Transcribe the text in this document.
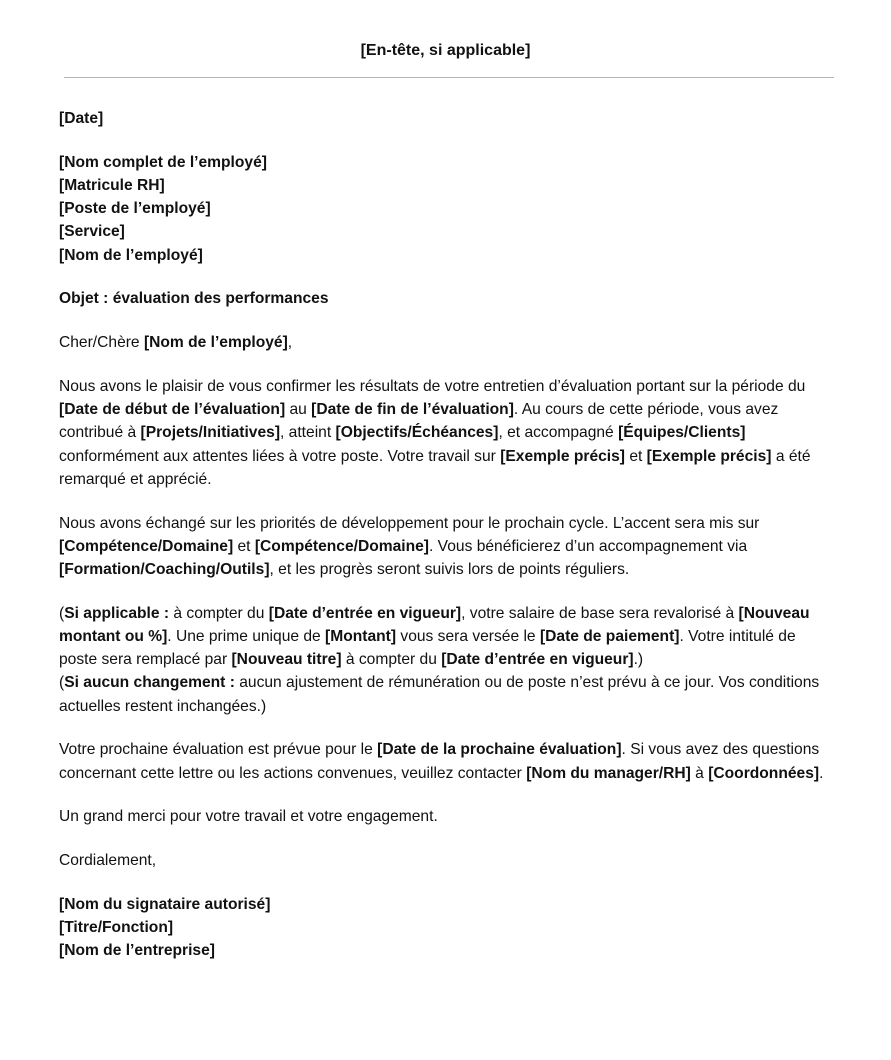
[En-tête, si applicable]

[Date]

[Nom complet de l’employé]
[Matricule RH]
[Poste de l’employé]
[Service]
[Nom de l’employé]

Objet : évaluation des performances

Cher/Chère [Nom de l’employé],

Nous avons le plaisir de vous confirmer les résultats de votre entretien d’évaluation portant sur la période du [Date de début de l’évaluation] au [Date de fin de l’évaluation]. Au cours de cette période, vous avez contribué à [Projets/Initiatives], atteint [Objectifs/Échéances], et accompagné [Équipes/Clients] conformément aux attentes liées à votre poste. Votre travail sur [Exemple précis] et [Exemple précis] a été remarqué et apprécié.

Nous avons échangé sur les priorités de développement pour le prochain cycle. L’accent sera mis sur [Compétence/Domaine] et [Compétence/Domaine]. Vous bénéficierez d’un accompagnement via [Formation/Coaching/Outils], et les progrès seront suivis lors de points réguliers.

(Si applicable : à compter du [Date d’entrée en vigueur], votre salaire de base sera revalorisé à [Nouveau montant ou %]. Une prime unique de [Montant] vous sera versée le [Date de paiement]. Votre intitulé de poste sera remplacé par [Nouveau titre] à compter du [Date d’entrée en vigueur].)

(Si aucun changement : aucun ajustement de rémunération ou de poste n’est prévu à ce jour. Vos conditions actuelles restent inchangées.)

Votre prochaine évaluation est prévue pour le [Date de la prochaine évaluation]. Si vous avez des questions concernant cette lettre ou les actions convenues, veuillez contacter [Nom du manager/RH] à [Coordonnées].

Un grand merci pour votre travail et votre engagement.

Cordialement,

[Nom du signataire autorisé]
[Titre/Fonction]
[Nom de l’entreprise]
